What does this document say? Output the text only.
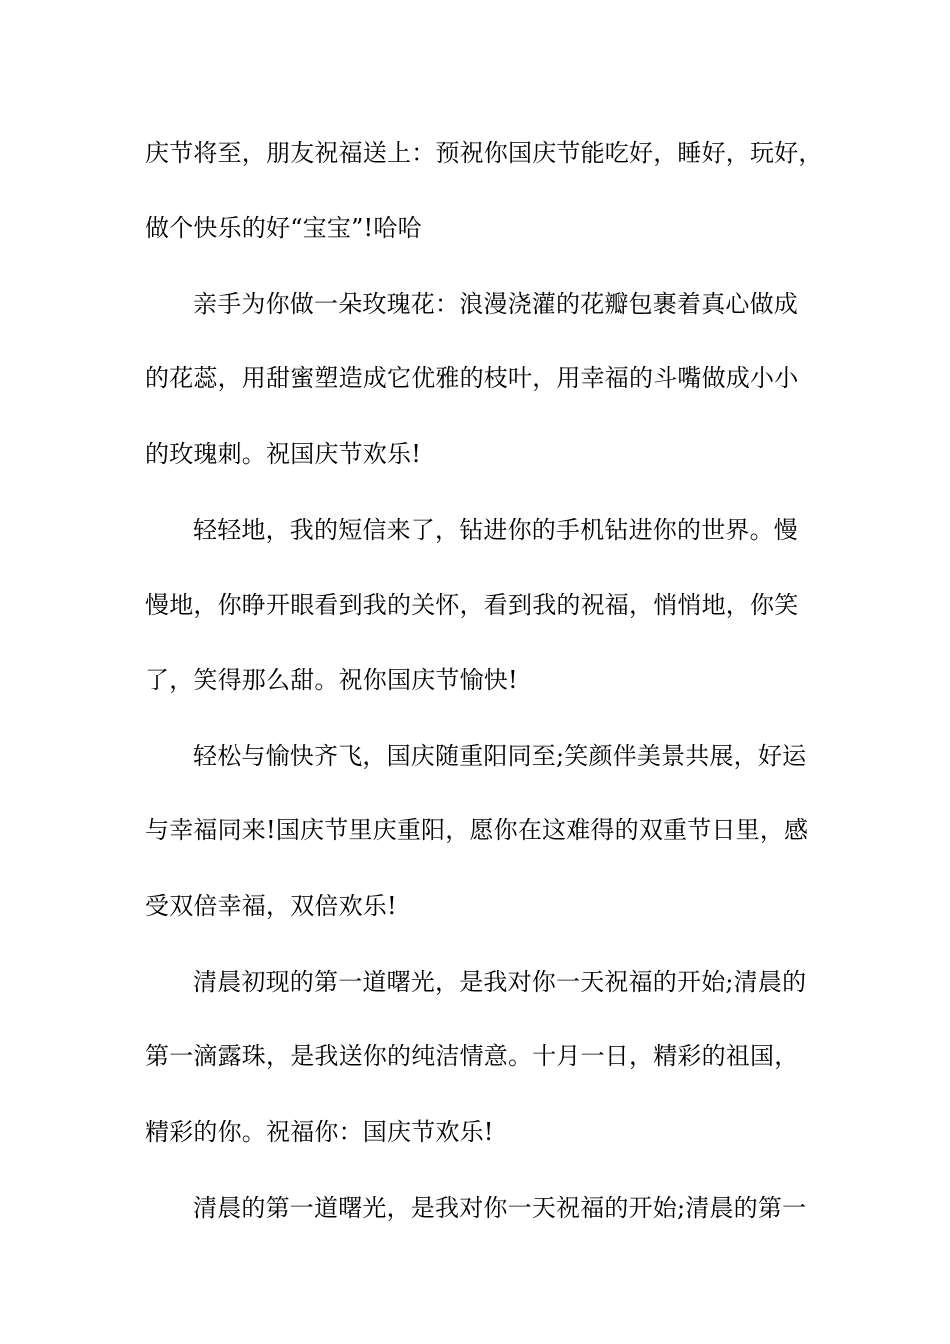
庆节将至，朋友祝福送上：预祝你国庆节能吃好，睡好，玩好，
做个快乐的好“宝宝”!哈哈
亲手为你做一朵玫瑰花：浪漫浇灌的花瓣包裹着真心做成
的花蕊，用甜蜜塑造成它优雅的枝叶，用幸福的斗嘴做成小小
的玫瑰刺。祝国庆节欢乐!
轻轻地，我的短信来了，钻进你的手机钻进你的世界。慢
慢地，你睁开眼看到我的关怀，看到我的祝福，悄悄地，你笑
了，笑得那么甜。祝你国庆节愉快!
轻松与愉快齐飞，国庆随重阳同至;笑颜伴美景共展，好运
与幸福同来!国庆节里庆重阳，愿你在这难得的双重节日里，感
受双倍幸福，双倍欢乐!
清晨初现的第一道曙光，是我对你一天祝福的开始;清晨的
第一滴露珠，是我送你的纯洁情意。十月一日，精彩的祖国，
精彩的你。祝福你：国庆节欢乐!
清晨的第一道曙光，是我对你一天祝福的开始;清晨的第一
